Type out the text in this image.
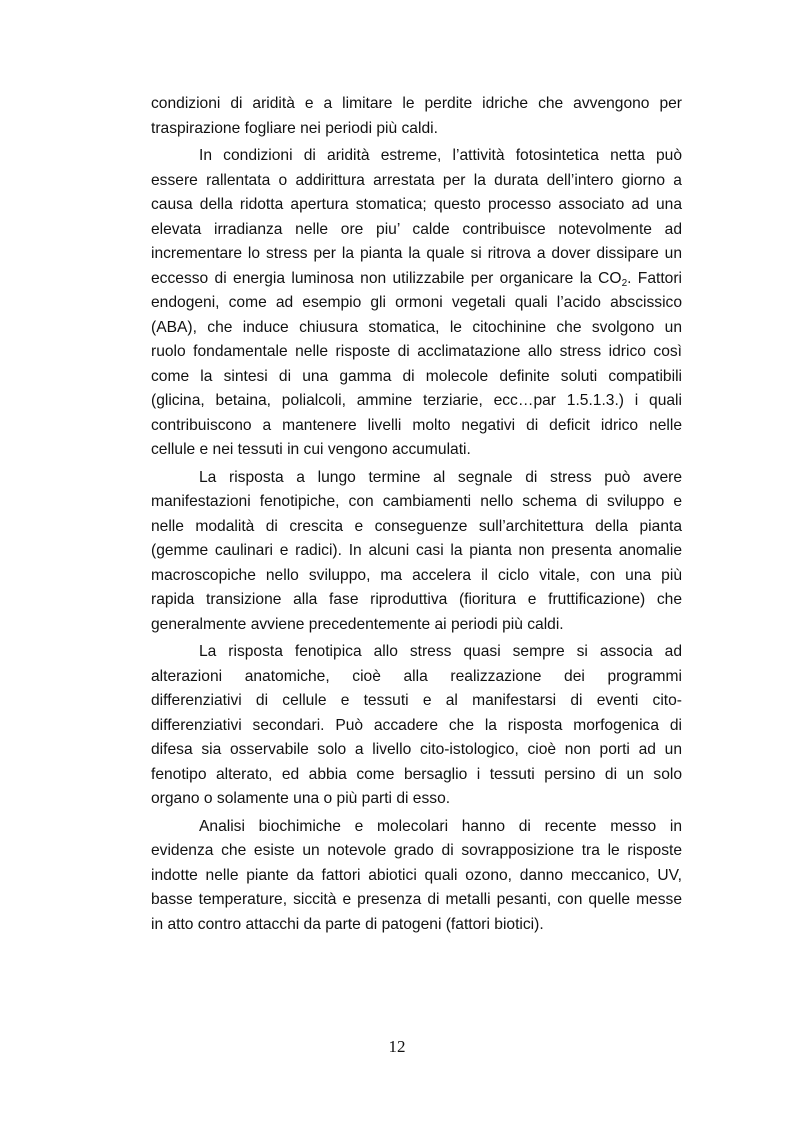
condizioni di aridità e a limitare le perdite idriche che avvengono per
traspirazione fogliare nei periodi più caldi.
In condizioni di aridità estreme, l’attività fotosintetica netta può
essere rallentata o addirittura arrestata per la durata dell’intero giorno a
causa della ridotta apertura stomatica; questo processo associato ad una
elevata irradianza nelle ore piu’ calde contribuisce notevolmente ad
incrementare lo stress per la pianta la quale si ritrova a dover dissipare un
eccesso di energia luminosa non utilizzabile per organicare la $CO_2$. Fattori
endogeni, come ad esempio gli ormoni vegetali quali l’acido abscissico
(ABA), che induce chiusura stomatica, le citochinine che svolgono un
ruolo fondamentale nelle risposte di acclimatazione allo stress idrico così
come la sintesi di una gamma di molecole definite soluti compatibili
(glicina, betaina, polialcoli, ammine terziarie, ecc…par 1.5.1.3.) i quali
contribuiscono a mantenere livelli molto negativi di deficit idrico nelle
cellule e nei tessuti in cui vengono accumulati.
La risposta a lungo termine al segnale di stress può avere
manifestazioni fenotipiche, con cambiamenti nello schema di sviluppo e
nelle modalità di crescita e conseguenze sull’architettura della pianta
(gemme caulinari e radici). In alcuni casi la pianta non presenta anomalie
macroscopiche nello sviluppo, ma accelera il ciclo vitale, con una più
rapida transizione alla fase riproduttiva (fioritura e fruttificazione) che
generalmente avviene precedentemente ai periodi più caldi.
La risposta fenotipica allo stress quasi sempre si associa ad
alterazioni anatomiche, cioè alla realizzazione dei programmi
differenziativi di cellule e tessuti e al manifestarsi di eventi cito-
differenziativi secondari. Può accadere che la risposta morfogenica di
difesa sia osservabile solo a livello cito-istologico, cioè non porti ad un
fenotipo alterato, ed abbia come bersaglio i tessuti persino di un solo
organo o solamente una o più parti di esso.
Analisi biochimiche e molecolari hanno di recente messo in
evidenza che esiste un notevole grado di sovrapposizione tra le risposte
indotte nelle piante da fattori abiotici quali ozono, danno meccanico, UV,
basse temperature, siccità e presenza di metalli pesanti, con quelle messe
in atto contro attacchi da parte di patogeni (fattori biotici).
12
